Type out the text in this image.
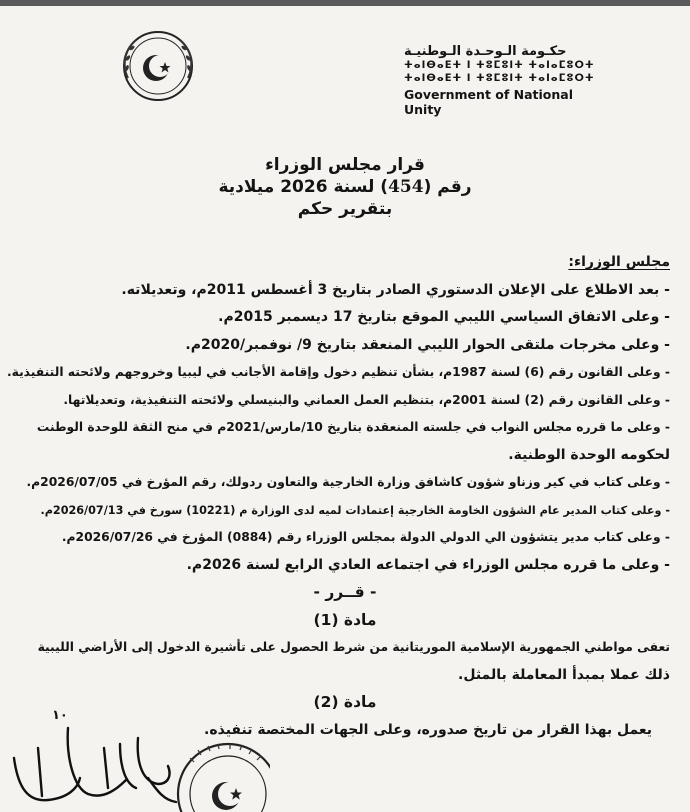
حكـومة الـوحـدة الـوطنيـة
ⵜⴰⵏⴱⴰⴹⵜ ⵏ ⵜⵓⵎⵓⵏⵜ ⵜⴰⵏⴰⵎⵓⵔⵜ
ⵜⴰⵏⴱⴰⴹⵜ ⵏ ⵜⵓⵎⵓⵏⵜ ⵜⴰⵏⴰⵎⵓⵔⵜ
Government of National Unity
قرار مجلس الوزراء
رقم (454) لسنة 2026 ميلادية
بتقرير حكم
مجلس الوزراء:
- بعد الاطلاع على الإعلان الدستوري الصادر بتاريخ 3 أغسطس 2011م، وتعديلاته.
- وعلى الاتفاق السياسي الليبي الموقع بتاريخ 17 ديسمبر 2015م.
- وعلى مخرجات ملتقى الحوار الليبي المنعقد بتاريخ 9/ نوفمبر/2020م.
- وعلى القانون رقم (6) لسنة 1987م، بشأن تنظيم دخول وإقامة الأجانب في ليبيا وخروجهم ولائحته التنفيذية.
- وعلى القانون رقم (2) لسنة 2001م، بتنظيم العمل العماني والبنيسلي ولائحته التنفيذية، وتعديلاتها.
- وعلى ما قرره مجلس النواب في جلسته المنعقدة بتاريخ 10/مارس/2021م في منح الثقة للوحدة الوطنت
لحكومه الوحدة الوطنية.
- وعلى كتاب في كير وزناو شؤون كاشافق وزارة الخارجية والتعاون ردولك، رقم المؤرخ في 2026/07/05م.
- وعلى كتاب المدير عام الشؤون الخاومة الخارجية إعتمادات لميه لدى الوزارة م (10221) سورخ في 2026/07/13م.
- وعلى كتاب مدير يتشؤون الي الدولي الدولة بمجلس الوزراء رقم (0884) المؤرخ في 2026/07/26م.
- وعلى ما قرره مجلس الوزراء في اجتماعه العادي الرابع لسنة 2026م.
- قــرر -
مادة (1)
تعفى مواطني الجمهورية الإسلامية الموريتانية من شرط الحصول على تأشيرة الدخول إلى الأراضي الليبية
ذلك عملا بمبدأ المعاملة بالمثل.
مادة (2)
يعمل بهذا القرار من تاريخ صدوره، وعلى الجهات المختصة تنفيذه.
١٠
